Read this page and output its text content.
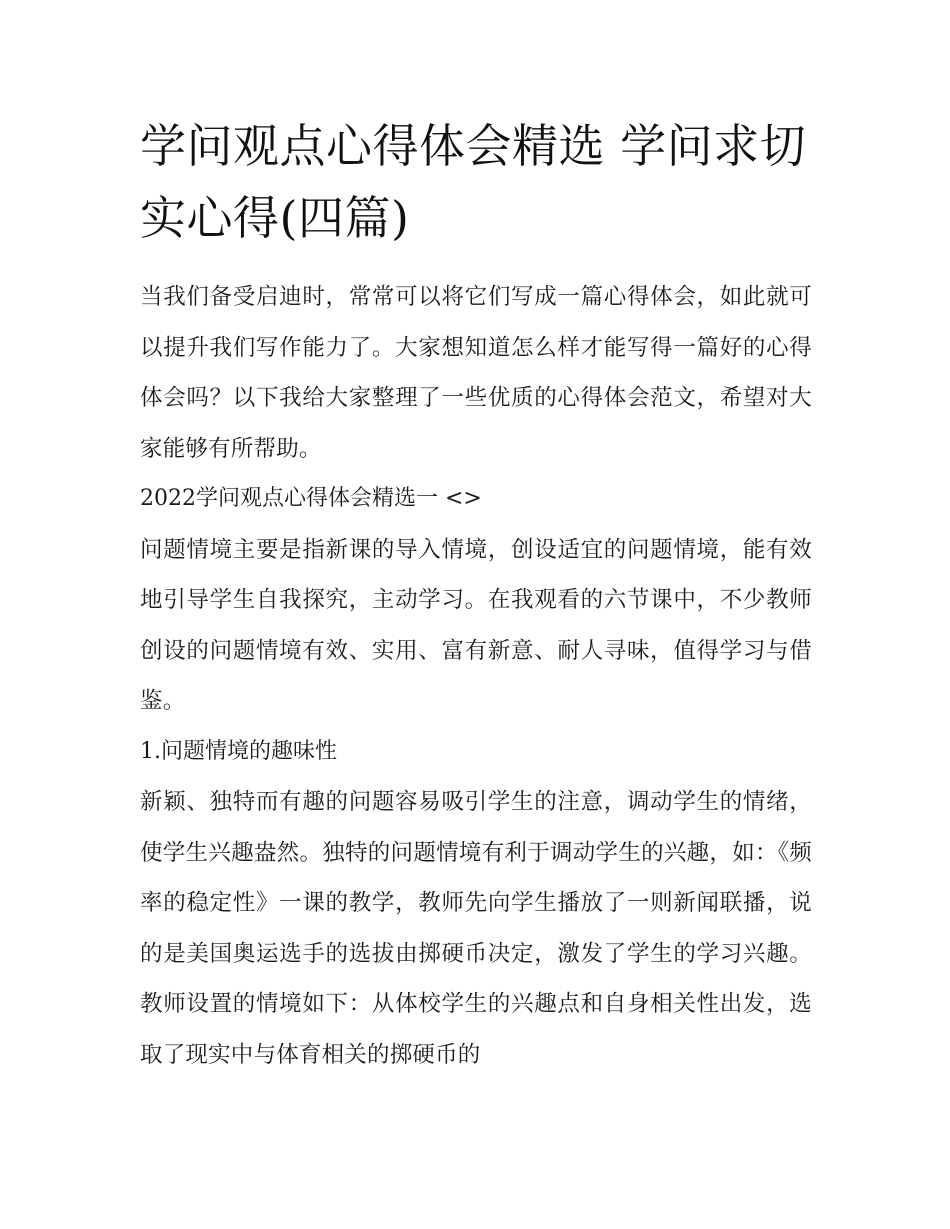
学问观点心得体会精选 学问求切实心得(四篇)

当我们备受启迪时，常常可以将它们写成一篇心得体会，如此就可以提升我们写作能力了。大家想知道怎么样才能写得一篇好的心得体会吗？以下我给大家整理了一些优质的心得体会范文，希望对大家能够有所帮助。

2022学问观点心得体会精选一 <>

问题情境主要是指新课的导入情境，创设适宜的问题情境，能有效地引导学生自我探究，主动学习。在我观看的六节课中，不少教师创设的问题情境有效、实用、富有新意、耐人寻味，值得学习与借鉴。

1.问题情境的趣味性

新颖、独特而有趣的问题容易吸引学生的注意，调动学生的情绪，使学生兴趣盎然。独特的问题情境有利于调动学生的兴趣，如：《频率的稳定性》一课的教学，教师先向学生播放了一则新闻联播，说的是美国奥运选手的选拔由掷硬币决定，激发了学生的学习兴趣。教师设置的情境如下：从体校学生的兴趣点和自身相关性出发，选取了现实中与体育相关的掷硬币的
